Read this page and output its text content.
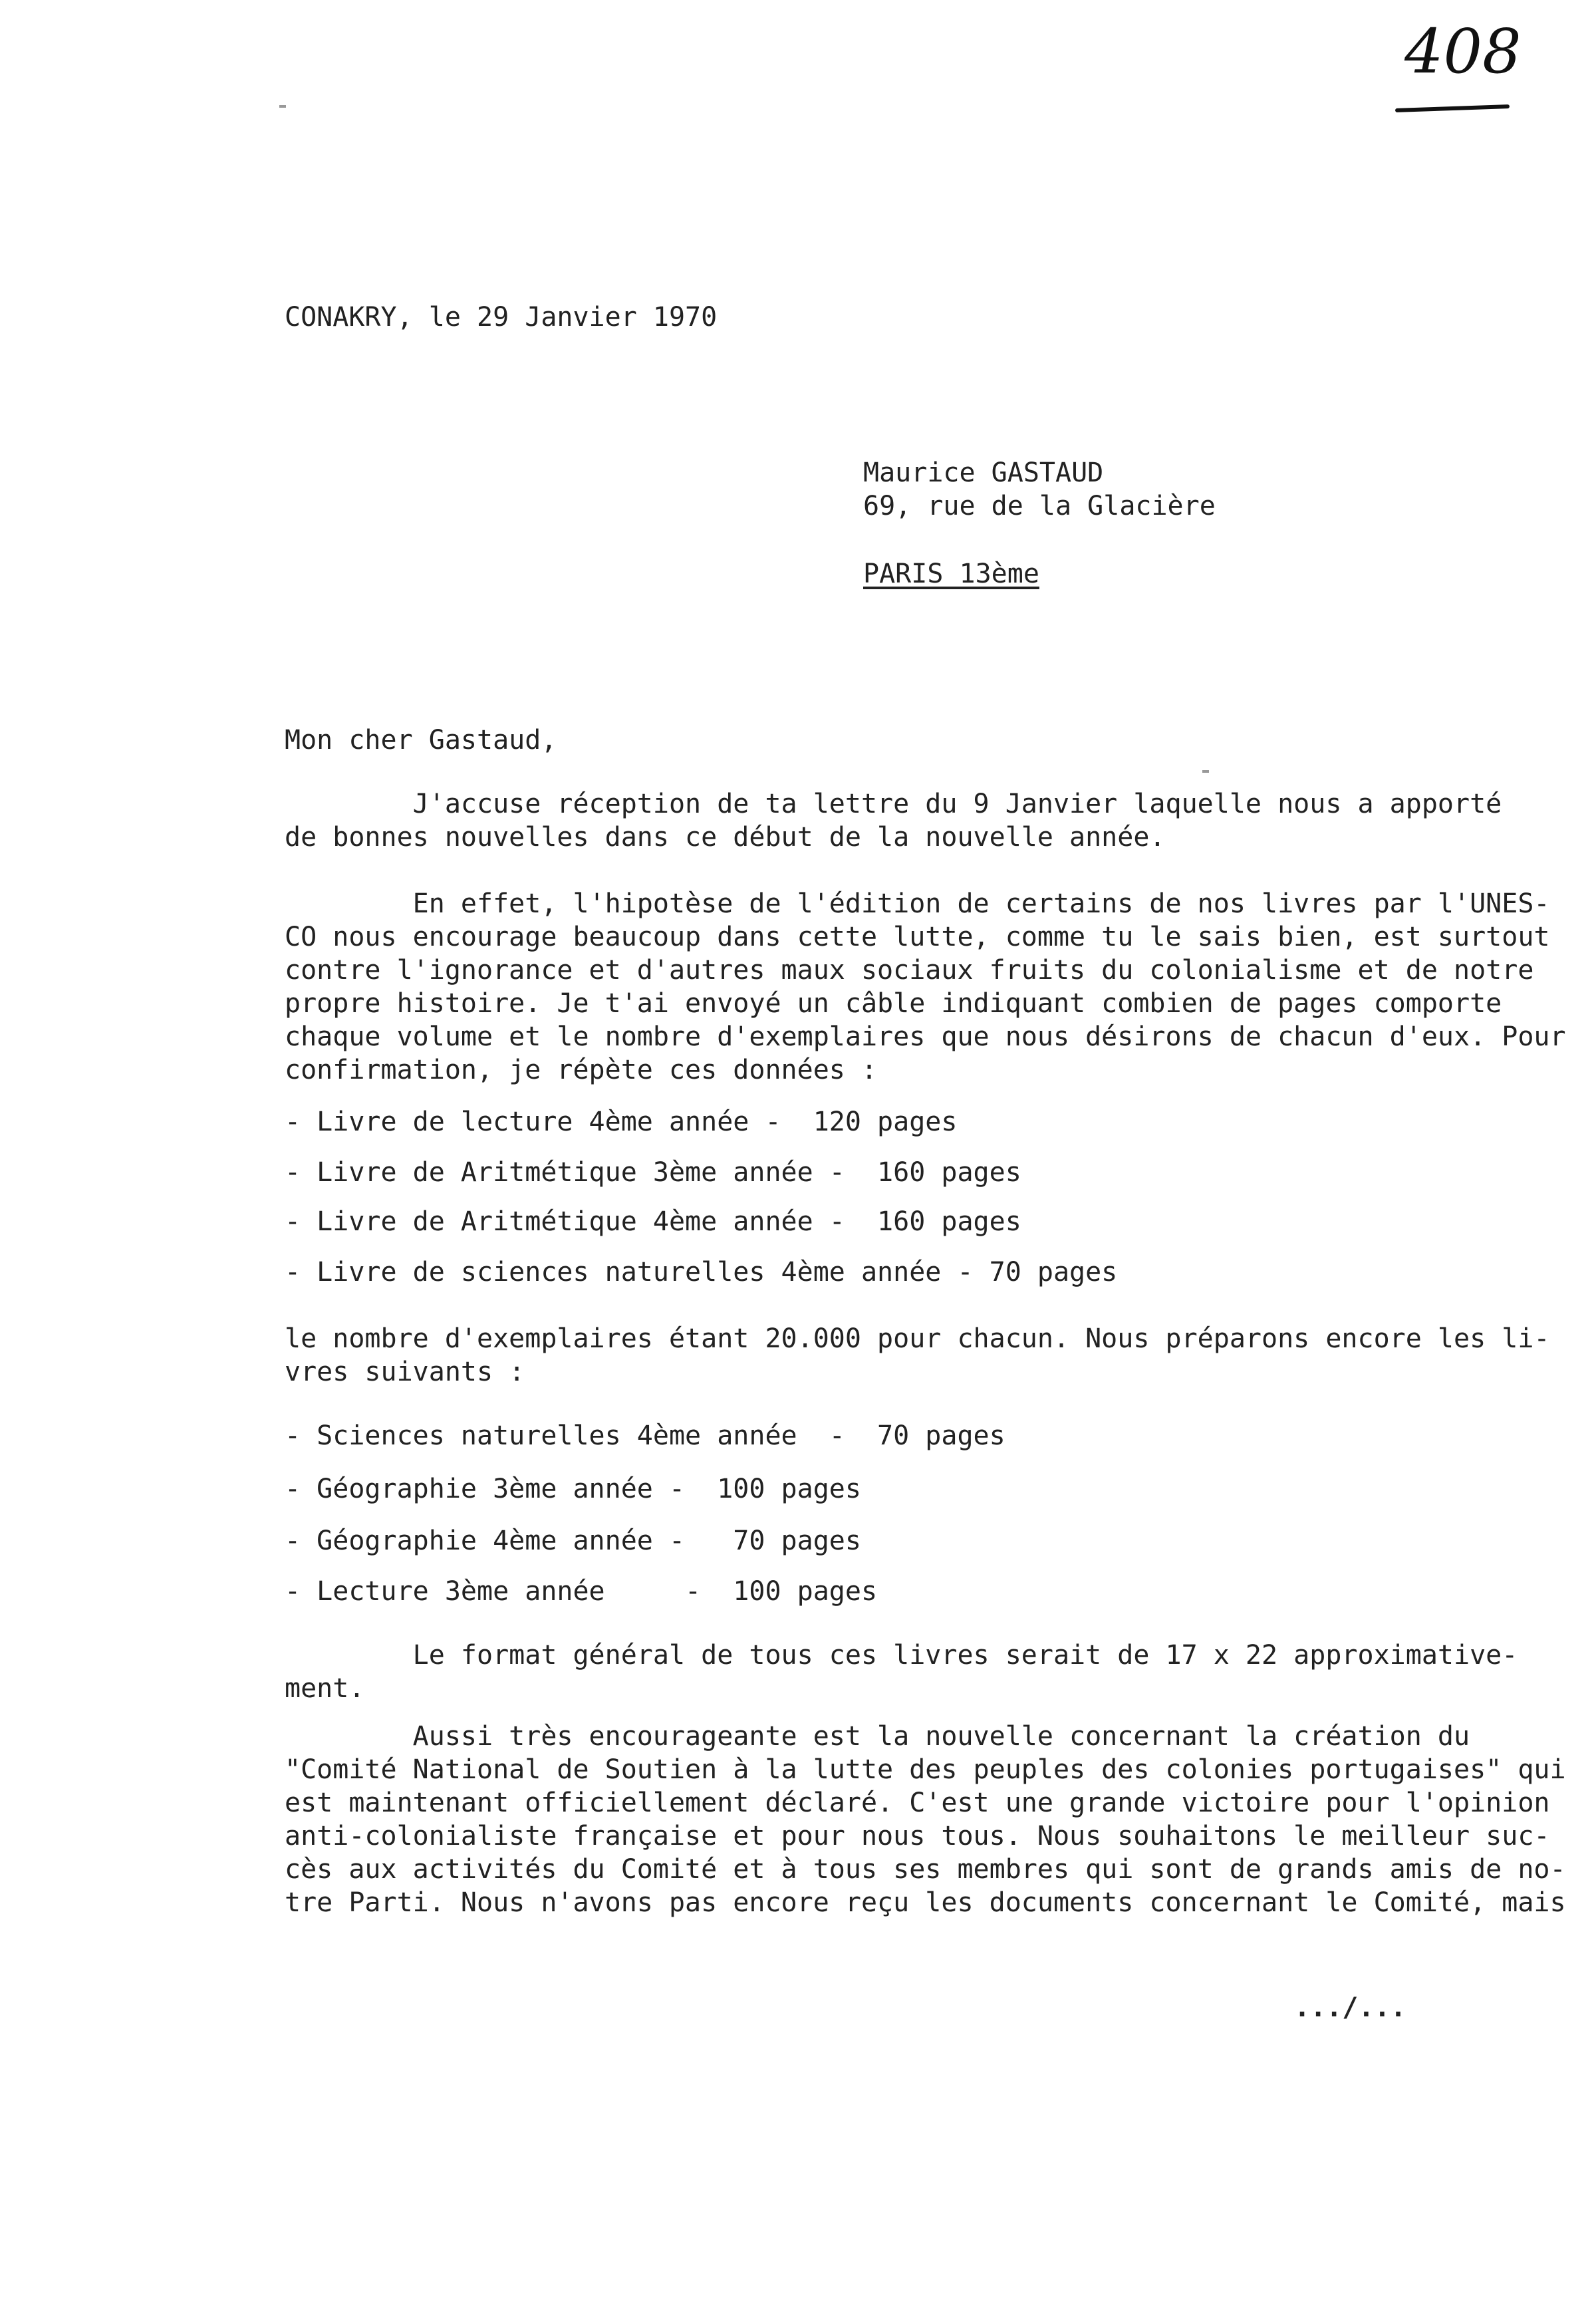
408
CONAKRY, le 29 Janvier 1970
Maurice GASTAUD
69, rue de la Glacière
PARIS 13ème
Mon cher Gastaud,
J'accuse réception de ta lettre du 9 Janvier laquelle nous a apporté
de bonnes nouvelles dans ce début de la nouvelle année.
En effet, l'hipotèse de l'édition de certains de nos livres par l'UNES-
CO nous encourage beaucoup dans cette lutte, comme tu le sais bien, est surtout
contre l'ignorance et d'autres maux sociaux fruits du colonialisme et de notre
propre histoire. Je t'ai envoyé un câble indiquant combien de pages comporte
chaque volume et le nombre d'exemplaires que nous désirons de chacun d'eux. Pour
confirmation, je répète ces données :
- Livre de lecture 4ème année -  120 pages
- Livre de Aritmétique 3ème année -  160 pages
- Livre de Aritmétique 4ème année -  160 pages
- Livre de sciences naturelles 4ème année - 70 pages
le nombre d'exemplaires étant 20.000 pour chacun. Nous préparons encore les li-
vres suivants :
- Sciences naturelles 4ème année  -  70 pages
- Géographie 3ème année -  100 pages
- Géographie 4ème année -   70 pages
- Lecture 3ème année     -  100 pages
Le format général de tous ces livres serait de 17 x 22 approximative-
ment.
Aussi très encourageante est la nouvelle concernant la création du
"Comité National de Soutien à la lutte des peuples des colonies portugaises" qui
est maintenant officiellement déclaré. C'est une grande victoire pour l'opinion
anti-colonialiste française et pour nous tous. Nous souhaitons le meilleur suc-
cès aux activités du Comité et à tous ses membres qui sont de grands amis de no-
tre Parti. Nous n'avons pas encore reçu les documents concernant le Comité, mais
.../...
